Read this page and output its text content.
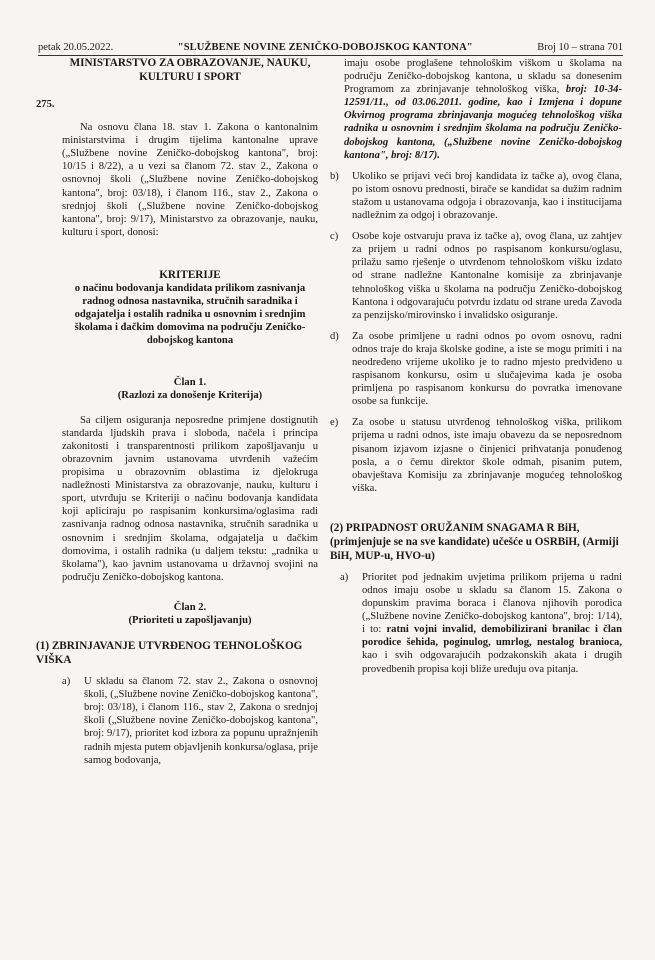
petak 20.05.2022.	"SLUŽBENE NOVINE ZENIČKO-DOBOJSKOG KANTONA"	Broj 10 – strana 701
MINISTARSTVO ZA OBRAZOVANJE, NAUKU, KULTURU I SPORT
275.
Na osnovu člana 18. stav 1. Zakona o kantonalnim ministarstvima i drugim tijelima kantonalne uprave („Službene novine Zeničko-dobojskog kantona", broj: 10/15 i 8/22), a u vezi sa članom 72. stav 2., Zakona o osnovnoj školi („Službene novine Zeničko-dobojskog kantona", broj: 03/18), i članom 116., stav 2., Zakona o srednjoj školi („Službene novine Zeničko-dobojskog kantona", broj: 9/17), Ministarstvo za obrazovanje, nauku, kulturu i sport, donosi:
KRITERIJE
o načinu bodovanja kandidata prilikom zasnivanja radnog odnosa nastavnika, stručnih saradnika i odgajatelja i ostalih radnika u osnovnim i srednjim školama i đačkim domovima na području Zeničko-dobojskog kantona
Član 1.
(Razlozi za donošenje Kriterija)
Sa ciljem osiguranja neposredne primjene dostignutih standarda ljudskih prava i sloboda, načela i principa zakonitosti i transparentnosti prilikom zapošljavanju u obrazovnim javnim ustanovama utvrđenih važećim propisima u obrazovnim oblastima iz djelokruga nadležnosti Ministarstva za obrazovanje, nauku, kulturu i sport, utvrđuju se Kriteriji o načinu bodovanja kandidata koji apliciraju po raspisanim konkursima/oglasima radi zasnivanja radnog odnosa nastavnika, stručnih saradnika u osnovnim i srednjim školama, odgajatelja u đačkim domovima, i ostalih radnika (u daljem tekstu: „radnika u školama"), kao javnim ustanovama u državnoj svojini na području Zeničko-dobojskog kantona.
Član 2.
(Prioriteti u zapošljavanju)
(1) ZBRINJAVANJE UTVRĐENOG TEHNOLOŠKOG VIŠKA
a)	U skladu sa članom 72. stav 2., Zakona o osnovnoj školi, („Službene novine Zeničko-dobojskog kantona", broj: 03/18), i članom 116., stav 2, Zakona o srednjoj školi („Službene novine Zeničko-dobojskog kantona", broj: 9/17), prioritet kod izbora za popunu upražnjenih radnih mjesta putem objavljenih konkursa/oglasa, prije samog bodovanja,
imaju osobe proglašene tehnološkim viškom u školama na području Zeničko-dobojskog kantona, u skladu sa donesenim Programom za zbrinjavanje tehnološkog viška, broj: 10-34-12591/11., od 03.06.2011. godine, kao i Izmjena i dopune Okvirnog programa zbrinjavanja mogućeg tehnološkog viška radnika u osnovnim i srednjim školama na području Zeničko-dobojskog kantona, („Službene novine Zeničko-dobojskog kantona", broj: 8/17).
b)	Ukoliko se prijavi veći broj kandidata iz tačke a), ovog člana, po istom osnovu prednosti, birače se kandidat sa dužim radnim stažom u ustanovama odgoja i obrazovanja, kao i institucijama nadležnim za odgoj i obrazovanje.
c)	Osobe koje ostvaruju prava iz tačke a), ovog člana, uz zahtjev za prijem u radni odnos po raspisanom konkursu/oglasu, prilažu samo rješenje o utvrđenom tehnološkom višku izdato od strane nadležne Kantonalne komisije za zbrinjavanje tehnološkog viška u školama na području Zeničko-dobojskog Kantona i odgovarajuću potvrdu izdatu od strane ureda Zavoda za penzijsko/mirovinsko i invalidsko osiguranje.
d)	Za osobe primljene u radni odnos po ovom osnovu, radni odnos traje do kraja školske godine, a iste se mogu primiti i na neodređeno vrijeme ukoliko je to radno mjesto predviđeno u raspisanom konkursu, osim u slučajevima kada je osoba primljena po raspisanom konkursu do povratka imenovane osobe sa funkcije.
e)	Za osobe u statusu utvrđenog tehnološkog viška, prilikom prijema u radni odnos, iste imaju obavezu da se neposrednom pisanom izjavom izjasne o činjenici prihvatanja ponuđenog posla, a o čemu direktor škole odmah, pisanim putem, obavještava Komisiju za zbrinjavanje mogućeg tehnološkog viška.
(2) PRIPADNOST ORUŽANIM SNAGAMA R BiH, (primjenjuje se na sve kandidate) učešće u OSRBiH, (Armiji BiH, MUP-u, HVO-u)
a)	Prioritet pod jednakim uvjetima prilikom prijema u radni odnos imaju osobe u skladu sa članom 15. Zakona o dopunskim pravima boraca i članova njihovih porodica („Službene novine Zeničko-dobojskog kantona", broj: 1/14), i to: ratni vojni invalid, demobilizirani branilac i član porodice šehida, poginulog, umrlog, nestalog branioca, kao i svih odgovarajućih podzakonskih akata i drugih provedbenih propisa koji bliže uređuju ova pitanja.
